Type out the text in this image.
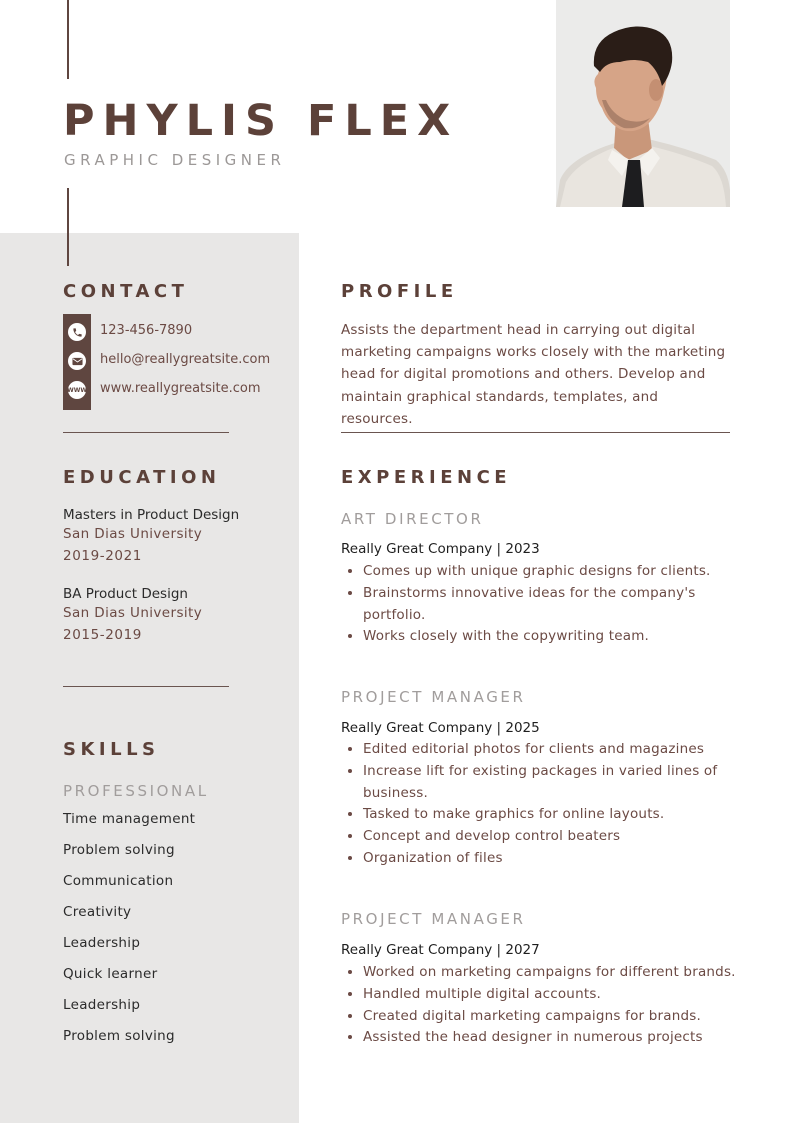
PHYLIS FLEX
GRAPHIC DESIGNER
CONTACT
WWW
123-456-7890
hello@reallygreatsite.com
www.reallygreatsite.com
EDUCATION
Masters in Product Design
San Dias University
2019-2021
BA Product Design
San Dias University
2015-2019
SKILLS
PROFESSIONAL
Time management
Problem solving
Communication
Creativity
Leadership
Quick learner
Leadership
Problem solving
PROFILE

Assists the department head in carrying out digital marketing campaigns works closely with the marketing head for digital promotions and others. Develop and maintain graphical standards, templates, and resources.

EXPERIENCE
ART DIRECTOR
Really Great Company | 2023
• Comes up with unique graphic designs for clients.
• Brainstorms innovative ideas for the company's portfolio.
• Works closely with the copywriting team.
PROJECT MANAGER
Really Great Company | 2025
• Edited editorial photos for clients and magazines
• Increase lift for existing packages in varied lines of business.
• Tasked to make graphics for online layouts.
• Concept and develop control beaters
• Organization of files
PROJECT MANAGER
Really Great Company | 2027
• Worked on marketing campaigns for different brands.
• Handled multiple digital accounts.
• Created digital marketing campaigns for brands.
• Assisted the head designer in numerous projects
